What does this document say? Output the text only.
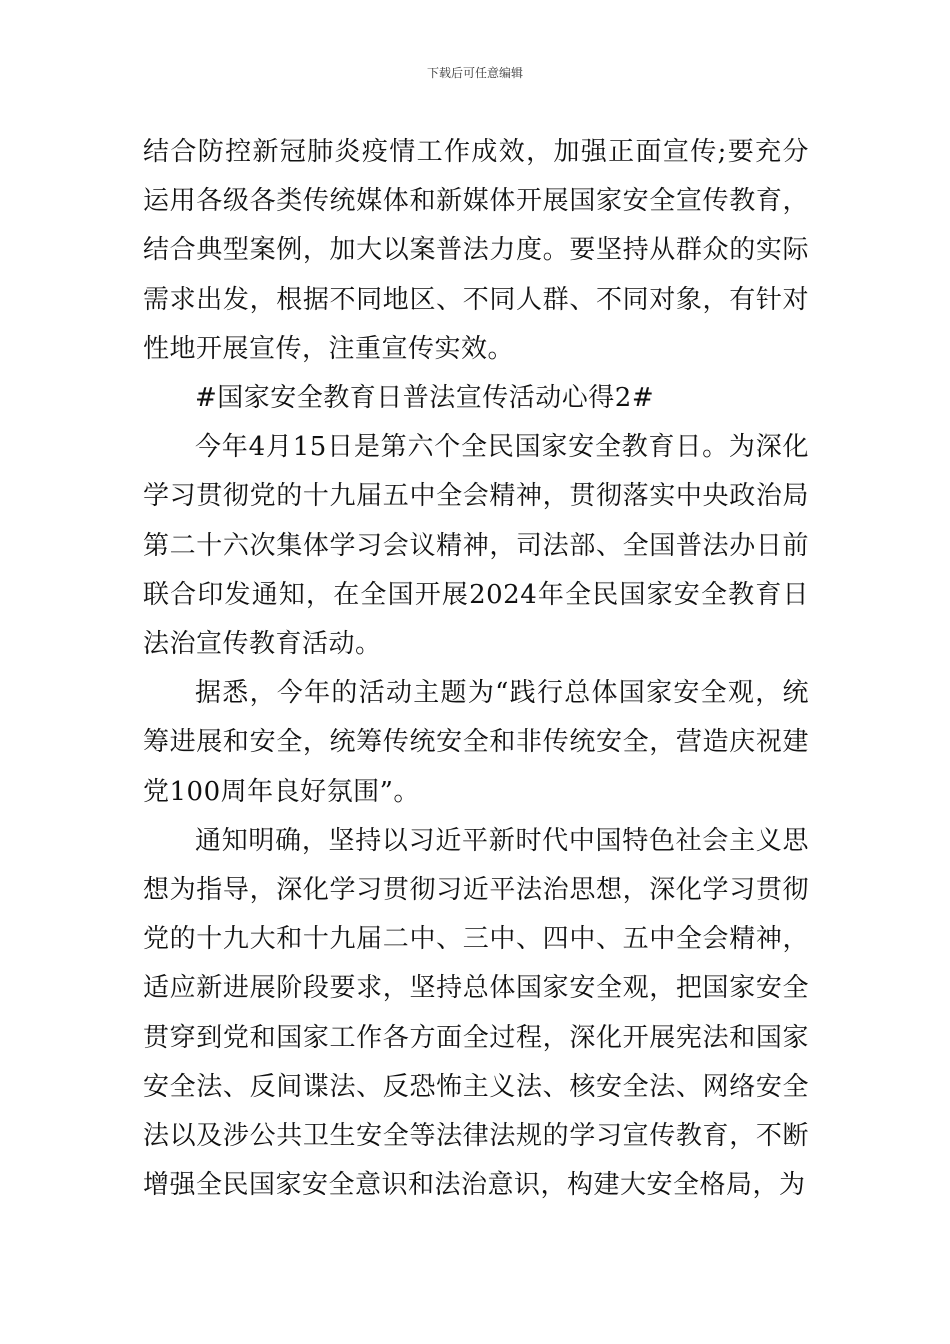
下载后可任意编辑

结合防控新冠肺炎疫情工作成效，加强正面宣传;要充分运用各级各类传统媒体和新媒体开展国家安全宣传教育，结合典型案例，加大以案普法力度。要坚持从群众的实际需求出发，根据不同地区、不同人群、不同对象，有针对性地开展宣传，注重宣传实效。

#国家安全教育日普法宣传活动心得2#

今年4月15日是第六个全民国家安全教育日。为深化学习贯彻党的十九届五中全会精神，贯彻落实中央政治局第二十六次集体学习会议精神，司法部、全国普法办日前联合印发通知，在全国开展2024年全民国家安全教育日法治宣传教育活动。

据悉，今年的活动主题为“践行总体国家安全观，统筹进展和安全，统筹传统安全和非传统安全，营造庆祝建党100周年良好氛围”。

通知明确，坚持以习近平新时代中国特色社会主义思想为指导，深化学习贯彻习近平法治思想，深化学习贯彻党的十九大和十九届二中、三中、四中、五中全会精神，适应新进展阶段要求，坚持总体国家安全观，把国家安全贯穿到党和国家工作各方面全过程，深化开展宪法和国家安全法、反间谍法、反恐怖主义法、核安全法、网络安全法以及涉公共卫生安全等法律法规的学习宣传教育，不断增强全民国家安全意识和法治意识，构建大安全格局，为
